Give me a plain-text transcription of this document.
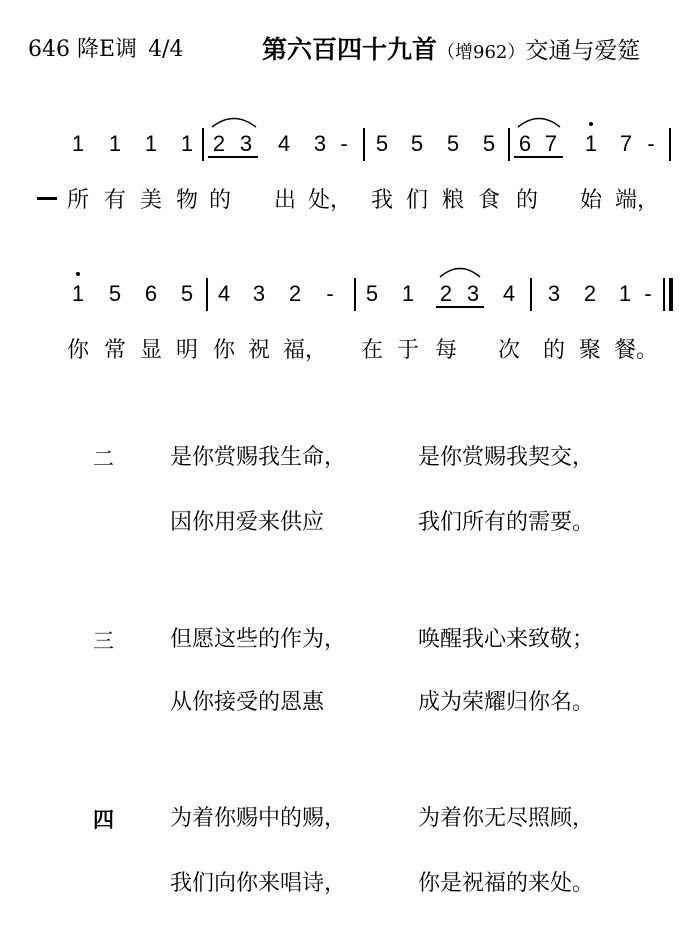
646 降E调 4/4	第六百四十九首（增962）交通与爱筵
1 1 1 1 2 3 4 3 - 5 5 5 5 6 7 1 7 -
所 有 美 物 的 出 处， 我 们 粮 食 的 始 端，
1 5 6 5 4 3 2 - 5 1 2 3 4 3 2 1 -
你 常 显 明 你 祝 福， 在 于 每 次 的 聚 餐。
二	是你赏赐我生命，	是你赏赐我契交，
因你用爱来供应	我们所有的需要。
三	但愿这些的作为，	唤醒我心来致敬；
从你接受的恩惠	成为荣耀归你名。
四	为着你赐中的赐，	为着你无尽照顾，
我们向你来唱诗，	你是祝福的来处。
